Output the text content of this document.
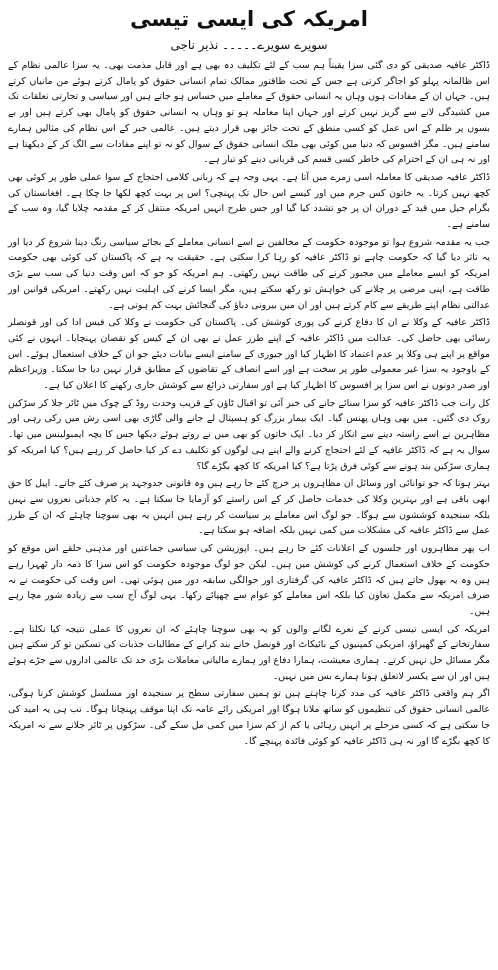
امریکہ کی ایسی تیسی
سویرے سویرے۔۔۔۔۔ نذیر ناجی

ڈاکٹر عافیہ صدیقی کو دی گئی سزا یقیناً ہم سب کے لئے تکلیف دہ بھی ہے اور قابل مذمت بھی۔ یہ سزا عالمی نظام کے اس ظالمانہ پہلو کو اجاگر کرتی ہے جس کے تحت طاقتور ممالک تمام انسانی حقوق کو پامال کرتے ہوئے من مانیاں کرتے ہیں۔ جہاں ان کے مفادات ہوں وہاں یہ انسانی حقوق کے معاملے میں حساس ہو جاتے ہیں اور سیاسی و تجارتی تعلقات تک میں کشیدگی لانے سے گریز نہیں کرتے اور جہاں اپنا معاملہ ہو تو وہاں یہ انسانی حقوق کو پامال بھی کرتے ہیں اور بے بسوں پر ظلم کے اس عمل کو کسی منطق کے تحت جائز بھی قرار دیتے ہیں۔ عالمی جبر کے اس نظام کی مثالیں ہمارے سامنے ہیں۔ مگر افسوس کہ دنیا میں کوئی بھی ملک انسانی حقوق کے سوال کو نہ تو اپنے مفادات سے الگ کر کے دیکھتا ہے اور نہ ہی ان کے احترام کی خاطر کسی قسم کی قربانی دینے کو تیار ہے۔

ڈاکٹر عافیہ صدیقی کا معاملہ اسی زمرے میں آتا ہے۔ یہی وجہ ہے کہ زبانی کلامی احتجاج کے سوا عملی طور پر کوئی بھی کچھ نہیں کرتا۔ یہ خاتون کس جرم میں اور کیسے اس حال تک پہنچی؟ اس پر بہت کچھ لکھا جا چکا ہے۔ افغانستان کی بگرام جیل میں قید کے دوران ان پر جو تشدد کیا گیا اور جس طرح انہیں امریکہ منتقل کر کے مقدمہ چلایا گیا، وہ سب کے سامنے ہے۔

جب یہ مقدمہ شروع ہوا تو موجودہ حکومت کے مخالفین نے اسے انسانی معاملے کے بجائے سیاسی رنگ دینا شروع کر دیا اور یہ تاثر دیا گیا کہ حکومت چاہے تو ڈاکٹر عافیہ کو رہا کرا سکتی ہے۔ حقیقت یہ ہے کہ پاکستان کی کوئی بھی حکومت امریکہ کو ایسے معاملے میں مجبور کرنے کی طاقت نہیں رکھتی۔ ہم امریکہ کو جو کہ اس وقت دنیا کی سب سے بڑی طاقت ہے، اپنی مرضی پر چلانے کی خواہش تو رکھ سکتے ہیں، مگر ایسا کرنے کی اہلیت نہیں رکھتے۔ امریکی قوانین اور عدالتی نظام اپنے طریقے سے کام کرتے ہیں اور ان میں بیرونی دباؤ کی گنجائش بہت کم ہوتی ہے۔

ڈاکٹر عافیہ کے وکلا نے ان کا دفاع کرنے کی پوری کوشش کی۔ پاکستان کی حکومت نے وکلا کی فیس ادا کی اور قونصلر رسائی بھی حاصل کی۔ عدالت میں ڈاکٹر عافیہ کے اپنے طرز عمل نے بھی ان کے کیس کو نقصان پہنچایا۔ انہوں نے کئی مواقع پر اپنے ہی وکلا پر عدم اعتماد کا اظہار کیا اور جیوری کے سامنے ایسے بیانات دیئے جو ان کے خلاف استعمال ہوئے۔ اس کے باوجود یہ سزا غیر معمولی طور پر سخت ہے اور اسے انصاف کے تقاضوں کے مطابق قرار نہیں دیا جا سکتا۔ وزیراعظم اور صدر دونوں نے اس سزا پر افسوس کا اظہار کیا ہے اور سفارتی ذرائع سے کوشش جاری رکھنے کا اعلان کیا ہے۔

کل رات جب ڈاکٹر عافیہ کو سزا سنائے جانے کی خبر آئی تو اقبال ٹاؤن کے قریب وحدت روڈ کے چوک میں ٹائر جلا کر سڑکیں روک دی گئیں۔ میں بھی وہاں پھنس گیا۔ ایک بیمار بزرگ کو ہسپتال لے جانے والی گاڑی بھی اسی رش میں رکی رہی اور مظاہرین نے اسے راستہ دینے سے انکار کر دیا۔ ایک خاتون کو بھی میں نے روتے ہوئے دیکھا جس کا بچہ ایمبولینس میں تھا۔ سوال یہ ہے کہ ڈاکٹر عافیہ کے لئے احتجاج کرنے والے اپنے ہی لوگوں کو تکلیف دے کر کیا حاصل کر رہے ہیں؟ کیا امریکہ کو ہماری سڑکیں بند ہونے سے کوئی فرق پڑتا ہے؟ کیا امریکہ کا کچھ بگڑے گا؟

بہتر ہوتا کہ جو توانائی اور وسائل ان مظاہروں پر خرچ کئے جا رہے ہیں وہ قانونی جدوجہد پر صرف کئے جاتے۔ اپیل کا حق ابھی باقی ہے اور بہترین وکلا کی خدمات حاصل کر کے اس راستے کو آزمایا جا سکتا ہے۔ یہ کام جذباتی نعروں سے نہیں بلکہ سنجیدہ کوششوں سے ہوگا۔ جو لوگ اس معاملے پر سیاست کر رہے ہیں انہیں یہ بھی سوچنا چاہئے کہ ان کے طرز عمل سے ڈاکٹر عافیہ کی مشکلات میں کمی نہیں بلکہ اضافہ ہو سکتا ہے۔

اب پھر مظاہروں اور جلسوں کے اعلانات کئے جا رہے ہیں۔ اپوزیشن کی سیاسی جماعتیں اور مذہبی حلقے اس موقع کو حکومت کے خلاف استعمال کرنے کی کوشش میں ہیں۔ لیکن جو لوگ موجودہ حکومت کو اس سزا کا ذمہ دار ٹھہرا رہے ہیں وہ یہ بھول جاتے ہیں کہ ڈاکٹر عافیہ کی گرفتاری اور حوالگی سابقہ دور میں ہوئی تھی۔ اس وقت کی حکومت نے نہ صرف امریکہ سے مکمل تعاون کیا بلکہ اس معاملے کو عوام سے چھپائے رکھا۔ یہی لوگ آج سب سے زیادہ شور مچا رہے ہیں۔

امریکہ کی ایسی تیسی کرنے کے نعرے لگانے والوں کو یہ بھی سوچنا چاہئے کہ ان نعروں کا عملی نتیجہ کیا نکلتا ہے۔ سفارتخانے کے گھیراؤ، امریکی کمپنیوں کے بائیکاٹ اور قونصل خانے بند کرانے کے مطالبات جذبات کی تسکین تو کر سکتے ہیں مگر مسائل حل نہیں کرتے۔ ہماری معیشت، ہمارا دفاع اور ہمارے مالیاتی معاملات بڑی حد تک عالمی اداروں سے جڑے ہوئے ہیں اور ان سے یکسر لاتعلق ہونا ہمارے بس میں نہیں۔

اگر ہم واقعی ڈاکٹر عافیہ کی مدد کرنا چاہتے ہیں تو ہمیں سفارتی سطح پر سنجیدہ اور مسلسل کوشش کرنا ہوگی، عالمی انسانی حقوق کی تنظیموں کو ساتھ ملانا ہوگا اور امریکی رائے عامہ تک اپنا موقف پہنچانا ہوگا۔ تب ہی یہ امید کی جا سکتی ہے کہ کسی مرحلے پر انہیں رہائی یا کم از کم سزا میں کمی مل سکے گی۔ سڑکوں پر ٹائر جلانے سے نہ امریکہ کا کچھ بگڑے گا اور نہ ہی ڈاکٹر عافیہ کو کوئی فائدہ پہنچے گا۔
